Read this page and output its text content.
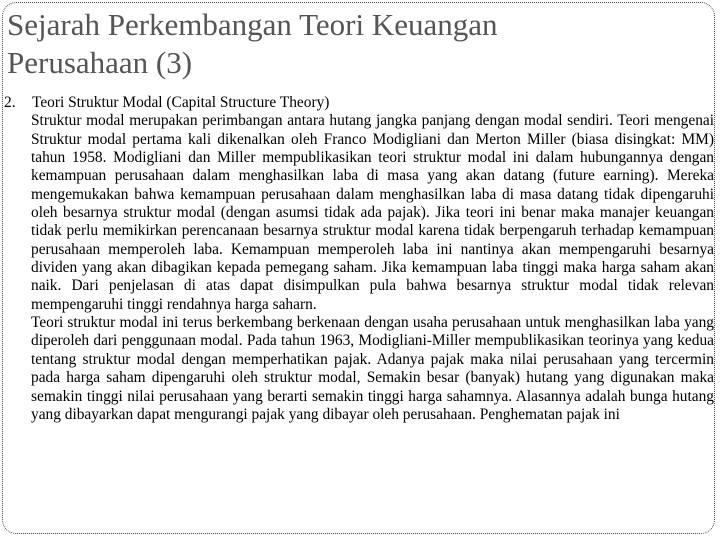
Sejarah Perkembangan Teori Keuangan
Perusahaan (3)
2.	Teori Struktur Modal (Capital Structure Theory)

Struktur modal merupakan perimbangan antara hutang jangka panjang dengan modal sendiri. Teori mengenai Struktur modal pertama kali dikenalkan oleh Franco Modigliani dan Merton Miller (biasa disingkat: MM) tahun 1958. Modigliani dan Miller mempublikasikan teori struktur modal ini dalam hubungannya dengan kemampuan perusahaan dalam menghasilkan laba di masa yang akan datang (future earning). Mereka mengemukakan bahwa kemampuan perusahaan dalam menghasilkan laba di masa datang tidak dipengaruhi oleh besarnya struktur modal (dengan asumsi tidak ada pajak). Jika teori ini benar maka manajer keuangan tidak perlu memikirkan perencanaan besarnya struktur modal karena tidak berpengaruh terhadap kemampuan perusahaan memperoleh laba. Kemampuan memperoleh laba ini nantinya akan mempengaruhi besarnya dividen yang akan dibagikan kepada pemegang saham. Jika kemampuan laba tinggi maka harga saham akan naik. Dari penjelasan di atas dapat disimpulkan pula bahwa besarnya struktur modal tidak relevan mempengaruhi tinggi rendahnya harga saharn.

Teori struktur modal ini terus berkembang berkenaan dengan usaha perusahaan untuk menghasilkan laba yang diperoleh dari penggunaan modal. Pada tahun 1963, Modigliani-Miller mempublikasikan teorinya yang kedua tentang struktur modal dengan memperhatikan pajak. Adanya pajak maka nilai perusahaan yang tercermin pada harga saham dipengaruhi oleh struktur modal, Semakin besar (banyak) hutang yang digunakan maka semakin tinggi nilai perusahaan yang berarti semakin tinggi harga sahamnya. Alasannya adalah bunga hutang yang dibayarkan dapat mengurangi pajak yang dibayar oleh perusahaan. Penghematan pajak ini
